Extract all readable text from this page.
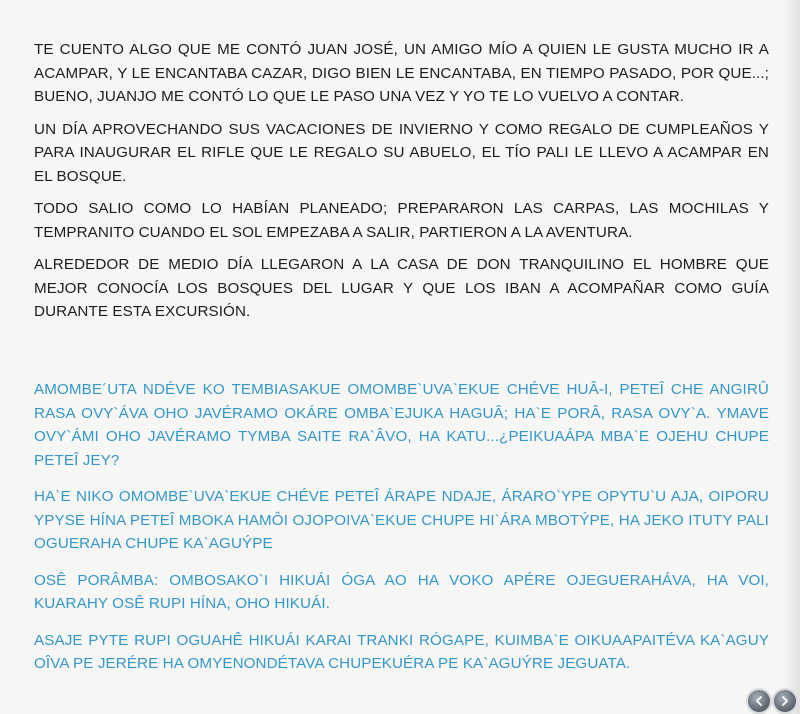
TE CUENTO ALGO QUE ME CONTÓ JUAN JOSÉ, UN AMIGO MÍO A QUIEN LE GUSTA MUCHO IR A ACAMPAR, Y LE ENCANTABA CAZAR, DIGO BIEN LE ENCANTABA, EN TIEMPO PASADO, POR QUE...; BUENO, JUANJO ME CONTÓ LO QUE LE PASO UNA VEZ Y YO TE LO VUELVO A CONTAR.

UN DÍA APROVECHANDO SUS VACACIONES DE INVIERNO Y COMO REGALO DE CUMPLEAÑOS Y PARA INAUGURAR EL RIFLE QUE LE REGALO SU ABUELO, EL TÍO PALI LE LLEVO A ACAMPAR EN EL BOSQUE.

TODO SALIO COMO LO HABÍAN PLANEADO; PREPARARON LAS CARPAS, LAS MOCHILAS Y TEMPRANITO CUANDO EL SOL EMPEZABA A SALIR, PARTIERON A LA AVENTURA.

ALREDEDOR DE MEDIO DÍA LLEGARON A LA CASA DE DON TRANQUILINO EL HOMBRE QUE MEJOR CONOCÍA LOS BOSQUES DEL LUGAR Y QUE LOS IBAN A ACOMPAÑAR COMO GUÍA DURANTE ESTA EXCURSIÓN.

AMOMBE´UTA NDÉVE KO TEMBIASAKUE OMOMBE`UVA`EKUE CHÉVE HUÂ-I, PETEÎ CHE ANGIRÛ RASA OVY`ÁVA OHO JAVÉRAMO OKÁRE OMBA`EJUKA HAGUÂ; HA`E PORÂ, RASA OVY`A. YMAVE OVY`ÁMI OHO JAVÉRAMO TYMBA SAITE RA`ÂVO, HA KATU...¿PEIKUAÁPA MBA`E OJEHU CHUPE PETEÎ JEY?

HA`E NIKO OMOMBE`UVA`EKUE CHÉVE PETEÎ ÁRAPE NDAJE, ÁRARO`YPE OPYTU`U AJA, OIPORU YPYSE HÍNA PETEÎ MBOKA HAMÔI OJOPOIVA`EKUE CHUPE HI`ÁRA MBOTÝPE, HA JEKO ITUTY PALI OGUERAHA CHUPE KA`AGUÝPE

OSÊ PORÂMBA: OMBOSAKO`I HIKUÁI ÓGA AO HA VOKO APÉRE OJEGUERAHÁVA, HA VOI, KUARAHY OSÊ RUPI HÍNA, OHO HIKUÁI.

ASAJE PYTE RUPI OGUAHÊ HIKUÁI KARAI TRANKI RÓGAPE, KUIMBA`E OIKUAAPAITÉVA KA`AGUY OÎVA PE JERÉRE HA OMYENONDÉTAVA CHUPEKUÉRA PE KA`AGUÝRE JEGUATA.
